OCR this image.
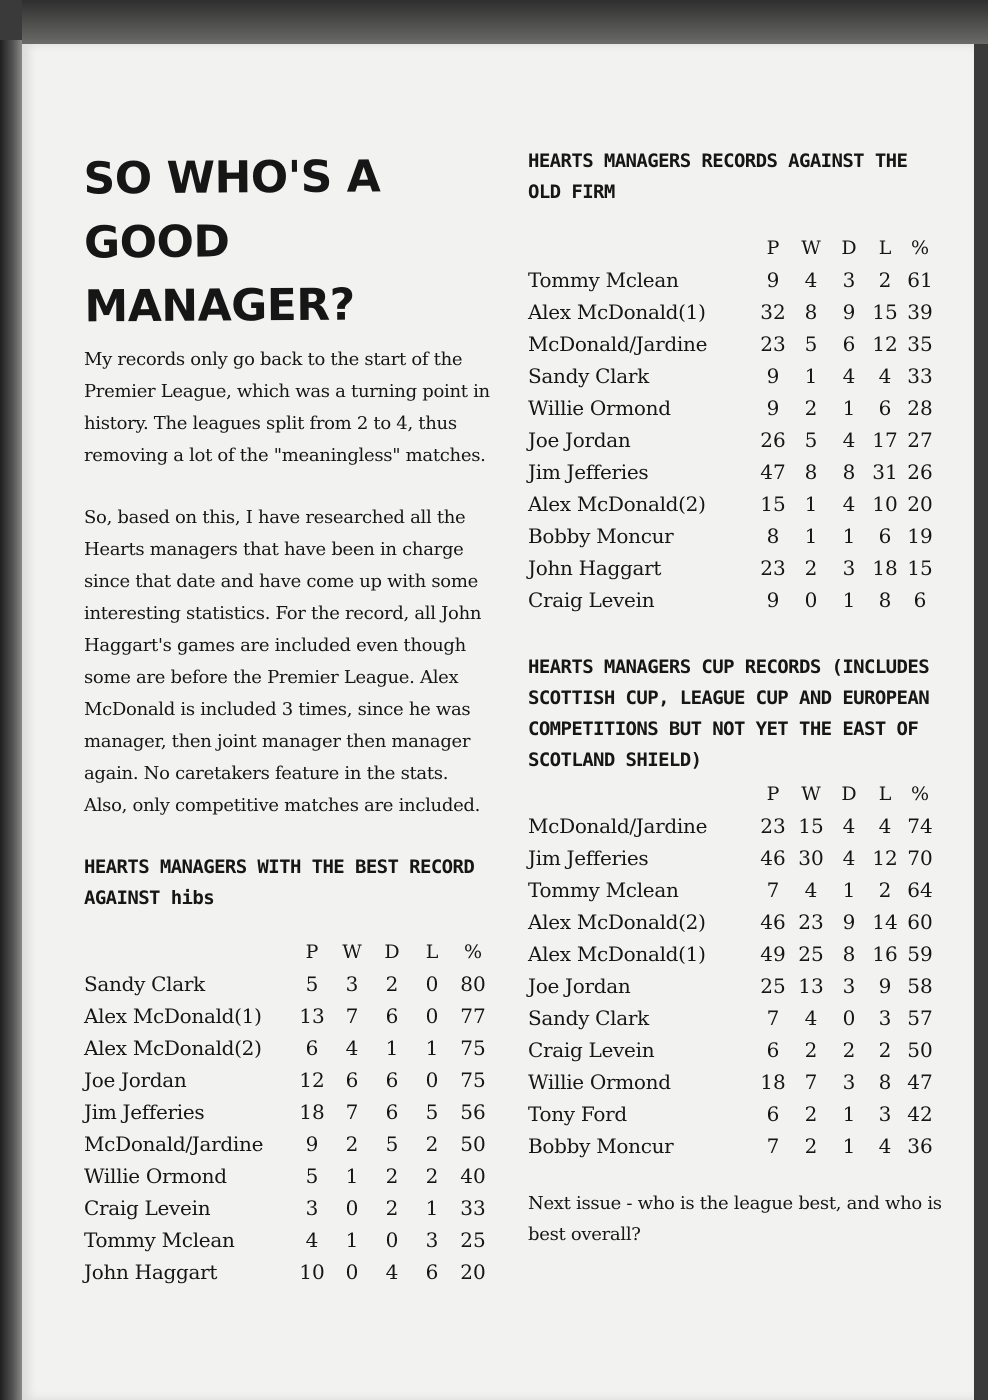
SO WHO'S A GOOD MANAGER?

My records only go back to the start of the Premier League, which was a turning point in history. The leagues split from 2 to 4, thus removing a lot of the "meaningless" matches.

So, based on this, I have researched all the Hearts managers that have been in charge since that date and have come up with some interesting statistics. For the record, all John Haggart's games are included even though some are before the Premier League. Alex McDonald is included 3 times, since he was manager, then joint manager then manager again. No caretakers feature in the stats. Also, only competitive matches are included.

HEARTS MANAGERS WITH THE BEST RECORD AGAINST hibs

	P	W	D	L	%
Sandy Clark	5	3	2	0	80
Alex McDonald(1)	13	7	6	0	77
Alex McDonald(2)	6	4	1	1	75
Joe Jordan	12	6	6	0	75
Jim Jefferies	18	7	6	5	56
McDonald/Jardine	9	2	5	2	50
Willie Ormond	5	1	2	2	40
Craig Levein	3	0	2	1	33
Tommy Mclean	4	1	0	3	25
John Haggart	10	0	4	6	20

HEARTS MANAGERS RECORDS AGAINST THE OLD FIRM

	P	W	D	L	%
Tommy Mclean	9	4	3	2	61
Alex McDonald(1)	32	8	9	15	39
McDonald/Jardine	23	5	6	12	35
Sandy Clark	9	1	4	4	33
Willie Ormond	9	2	1	6	28
Joe Jordan	26	5	4	17	27
Jim Jefferies	47	8	8	31	26
Alex McDonald(2)	15	1	4	10	20
Bobby Moncur	8	1	1	6	19
John Haggart	23	2	3	18	15
Craig Levein	9	0	1	8	6

HEARTS MANAGERS CUP RECORDS (INCLUDES SCOTTISH CUP, LEAGUE CUP AND EUROPEAN COMPETITIONS BUT NOT YET THE EAST OF SCOTLAND SHIELD)

	P	W	D	L	%
McDonald/Jardine	23	15	4	4	74
Jim Jefferies	46	30	4	12	70
Tommy Mclean	7	4	1	2	64
Alex McDonald(2)	46	23	9	14	60
Alex McDonald(1)	49	25	8	16	59
Joe Jordan	25	13	3	9	58
Sandy Clark	7	4	0	3	57
Craig Levein	6	2	2	2	50
Willie Ormond	18	7	3	8	47
Tony Ford	6	2	1	3	42
Bobby Moncur	7	2	1	4	36

Next issue - who is the league best, and who is best overall?
